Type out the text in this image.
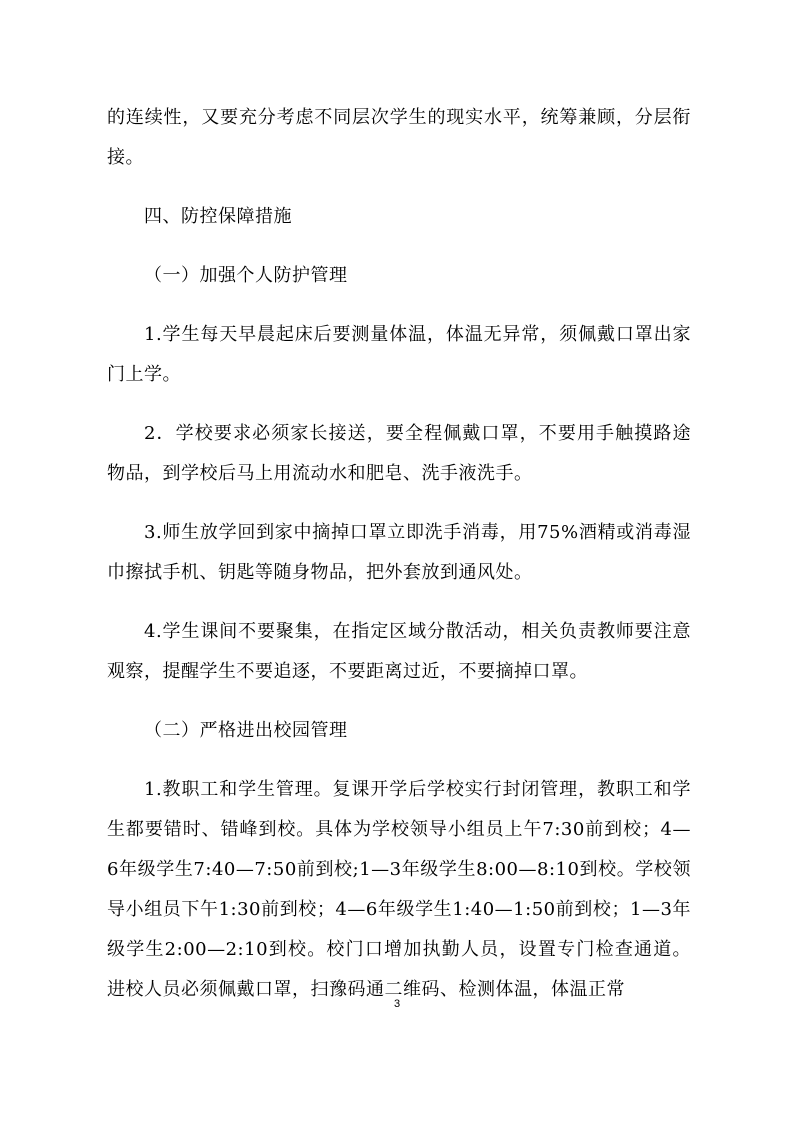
的连续性，又要充分考虑不同层次学生的现实水平，统筹兼顾，分层衔接。

四、防控保障措施

（一）加强个人防护管理

1.学生每天早晨起床后要测量体温，体温无异常，须佩戴口罩出家门上学。

2．学校要求必须家长接送，要全程佩戴口罩，不要用手触摸路途物品，到学校后马上用流动水和肥皂、洗手液洗手。

3.师生放学回到家中摘掉口罩立即洗手消毒，用75%酒精或消毒湿巾擦拭手机、钥匙等随身物品，把外套放到通风处。

4.学生课间不要聚集，在指定区域分散活动，相关负责教师要注意观察，提醒学生不要追逐，不要距离过近，不要摘掉口罩。

（二）严格进出校园管理

1.教职工和学生管理。复课开学后学校实行封闭管理，教职工和学生都要错时、错峰到校。具体为学校领导小组员上午7:30前到校；4—6年级学生7:40—7:50前到校;1—3年级学生8:00—8:10到校。学校领导小组员下午1:30前到校；4—6年级学生1:40—1:50前到校；1—3年级学生2:00—2:10到校。校门口增加执勤人员，设置专门检查通道。进校人员必须佩戴口罩，扫豫码通二维码、检测体温，体温正常

3
